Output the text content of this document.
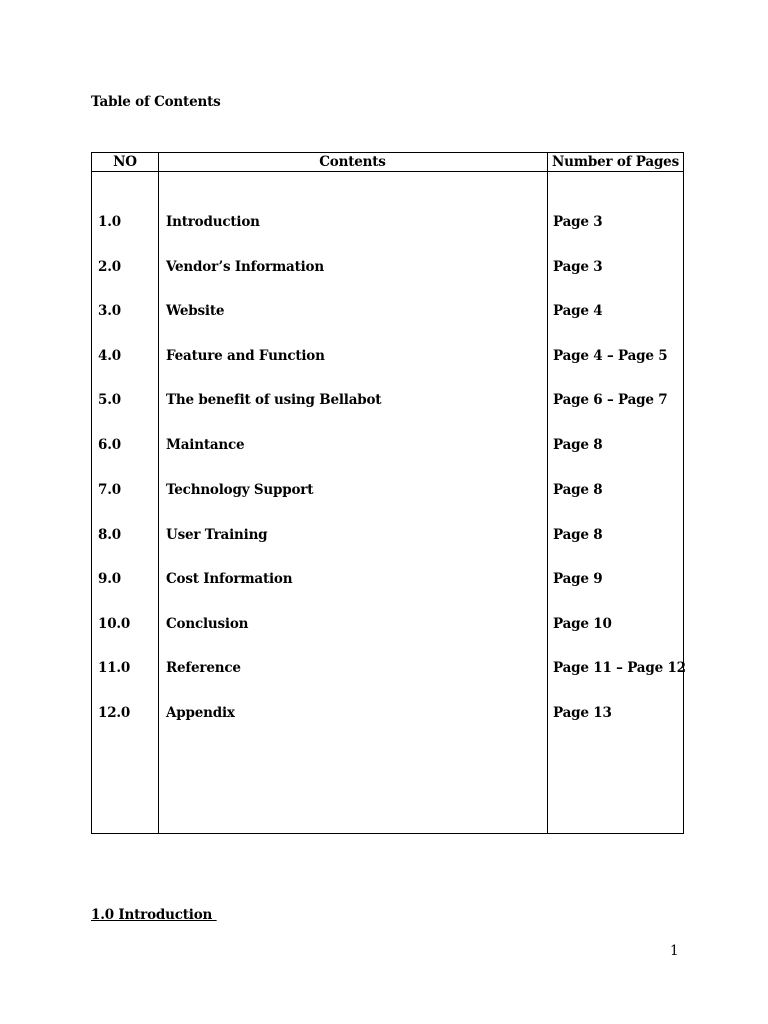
Table of Contents
NO	Contents	Number of Pages
1.0	Introduction	Page 3
2.0	Vendor’s Information	Page 3
3.0	Website	Page 4
4.0	Feature and Function	Page 4 – Page 5
5.0	The benefit of using Bellabot	Page 6 – Page 7
6.0	Maintance	Page 8
7.0	Technology Support	Page 8
8.0	User Training	Page 8
9.0	Cost Information	Page 9
10.0	Conclusion	Page 10
11.0	Reference	Page 11 – Page 12
12.0	Appendix	Page 13
1.0 Introduction
1
